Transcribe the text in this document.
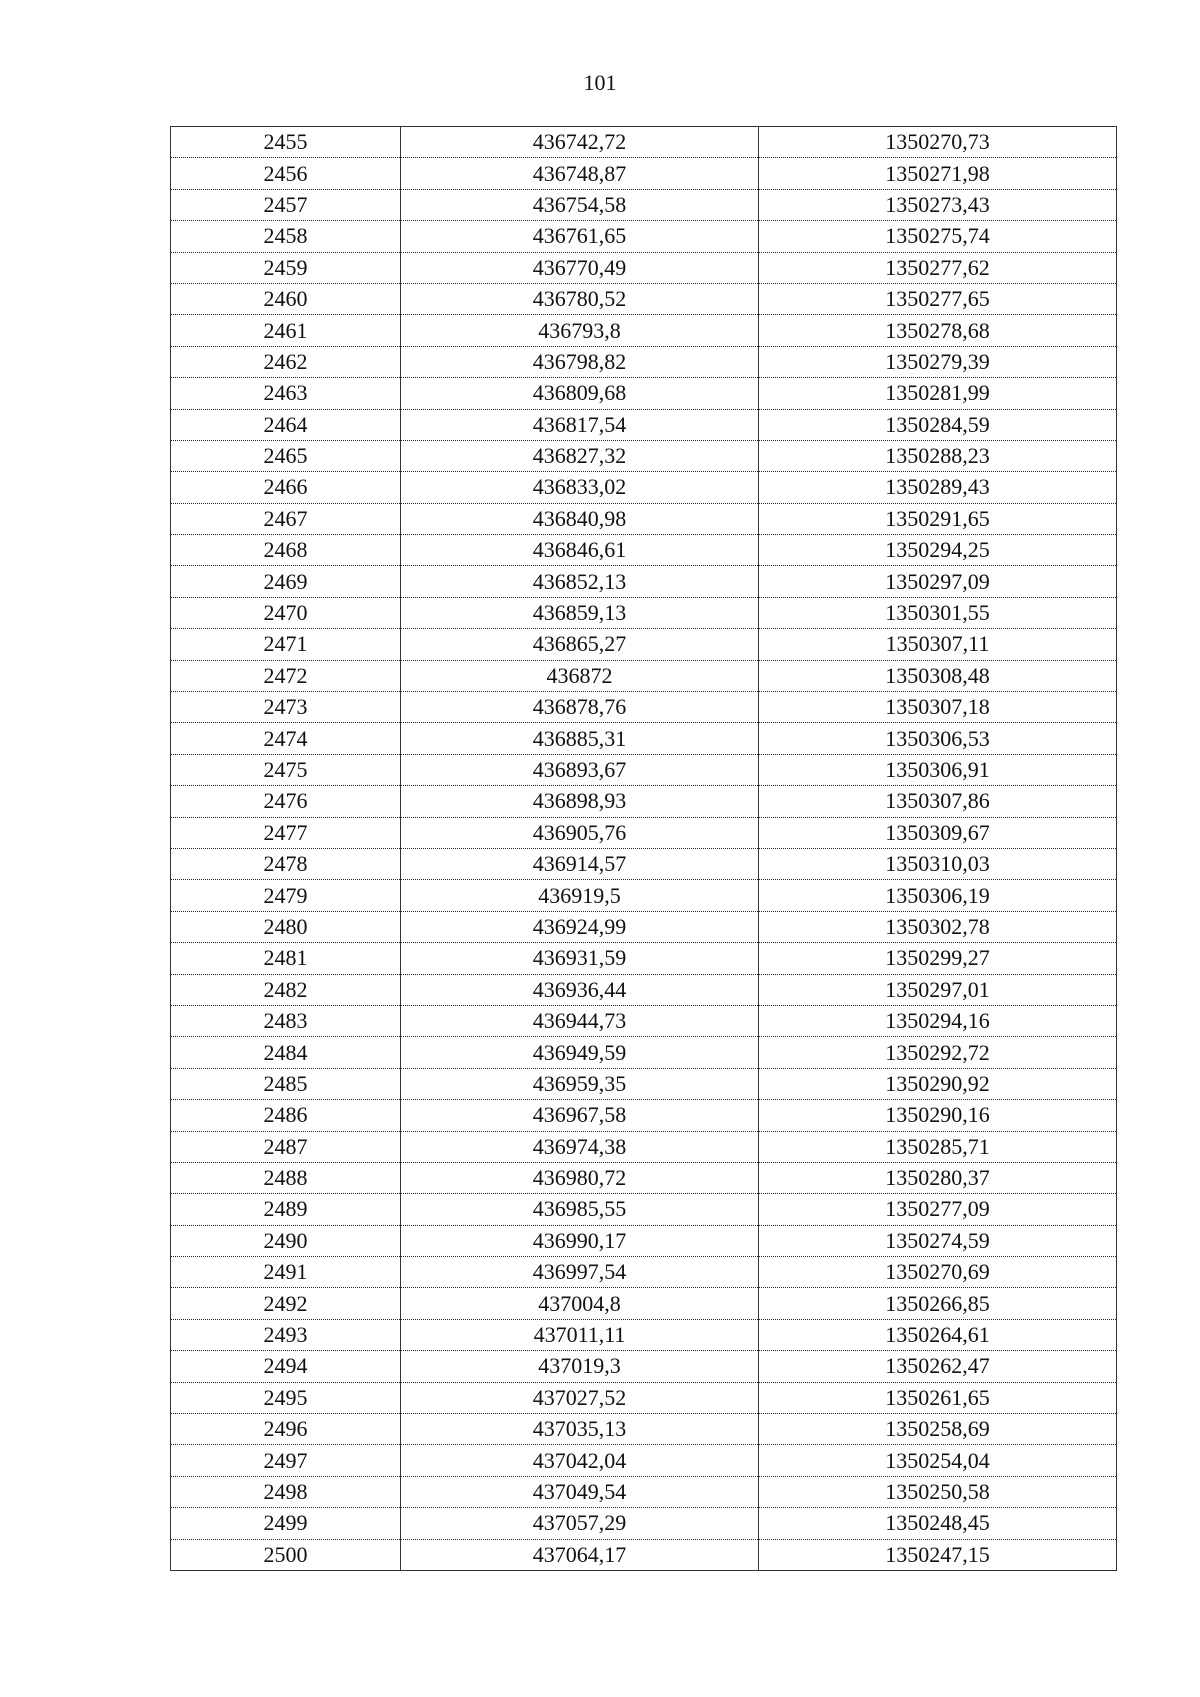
101
2455	436742,72	1350270,73
2456	436748,87	1350271,98
2457	436754,58	1350273,43
2458	436761,65	1350275,74
2459	436770,49	1350277,62
2460	436780,52	1350277,65
2461	436793,8	1350278,68
2462	436798,82	1350279,39
2463	436809,68	1350281,99
2464	436817,54	1350284,59
2465	436827,32	1350288,23
2466	436833,02	1350289,43
2467	436840,98	1350291,65
2468	436846,61	1350294,25
2469	436852,13	1350297,09
2470	436859,13	1350301,55
2471	436865,27	1350307,11
2472	436872	1350308,48
2473	436878,76	1350307,18
2474	436885,31	1350306,53
2475	436893,67	1350306,91
2476	436898,93	1350307,86
2477	436905,76	1350309,67
2478	436914,57	1350310,03
2479	436919,5	1350306,19
2480	436924,99	1350302,78
2481	436931,59	1350299,27
2482	436936,44	1350297,01
2483	436944,73	1350294,16
2484	436949,59	1350292,72
2485	436959,35	1350290,92
2486	436967,58	1350290,16
2487	436974,38	1350285,71
2488	436980,72	1350280,37
2489	436985,55	1350277,09
2490	436990,17	1350274,59
2491	436997,54	1350270,69
2492	437004,8	1350266,85
2493	437011,11	1350264,61
2494	437019,3	1350262,47
2495	437027,52	1350261,65
2496	437035,13	1350258,69
2497	437042,04	1350254,04
2498	437049,54	1350250,58
2499	437057,29	1350248,45
2500	437064,17	1350247,15
